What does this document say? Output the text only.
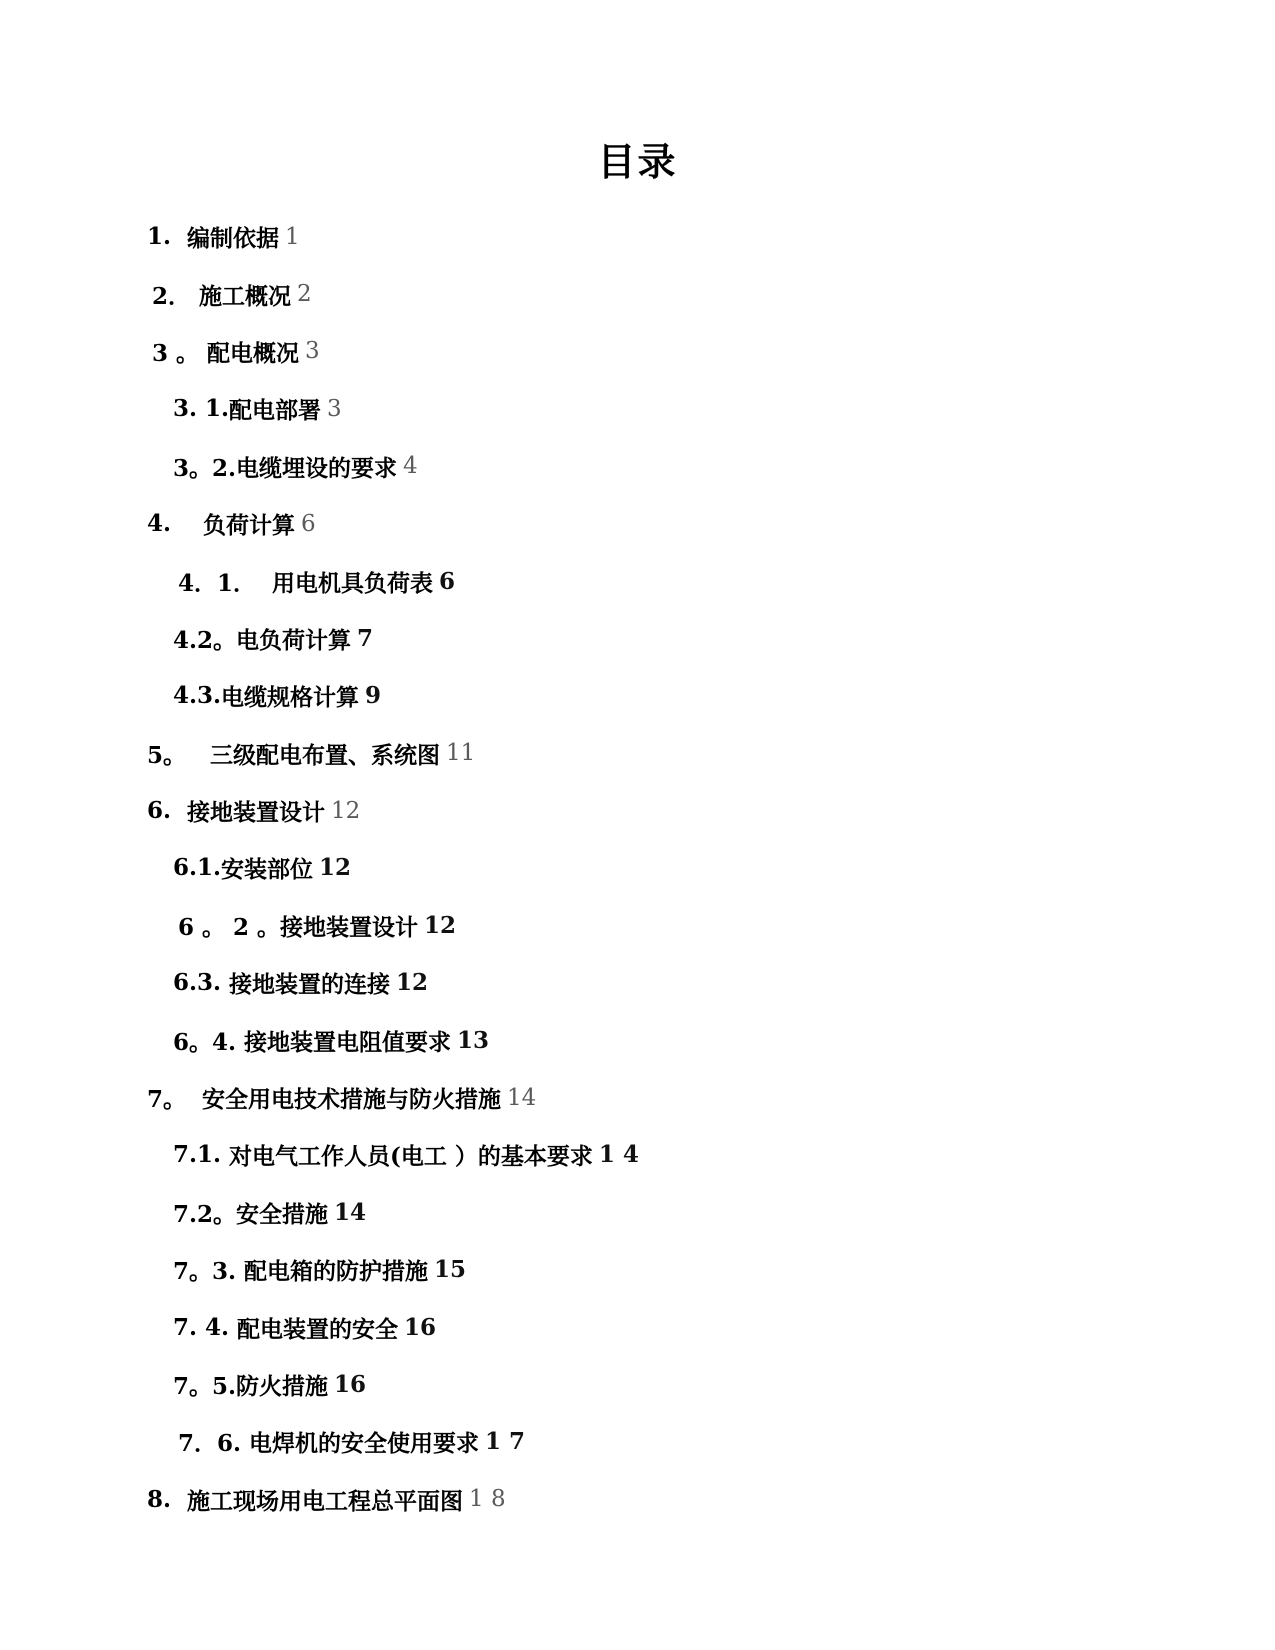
目录
1. 编制依据 1
2． 施工概况 2
3 。 配电概况 3
3. 1. 配电部署 3
3。2. 电缆埋设的要求 4
4. 负荷计算 6
4．1． 用电机具负荷表 6
4.2。 电负荷计算 7
4.3. 电缆规格计算 9
5。 三级配电布置、系统图 11
6. 接地装置设计 12
6.1. 安装部位 12
6 。 2 。 接地装置设计 12
6.3. 接地装置的连接 12
6。4. 接地装置电阻值要求 13
7。 安全用电技术措施与防火措施 14
7.1. 对电气工作人员(电工 ）的基本要求 1 4
7.2。 安全措施 14
7。3. 配电箱的防护措施 15
7. 4. 配电装置的安全 16
7。5. 防火措施 16
7．6. 电焊机的安全使用要求 1 7
8. 施工现场用电工程总平面图 1 8
